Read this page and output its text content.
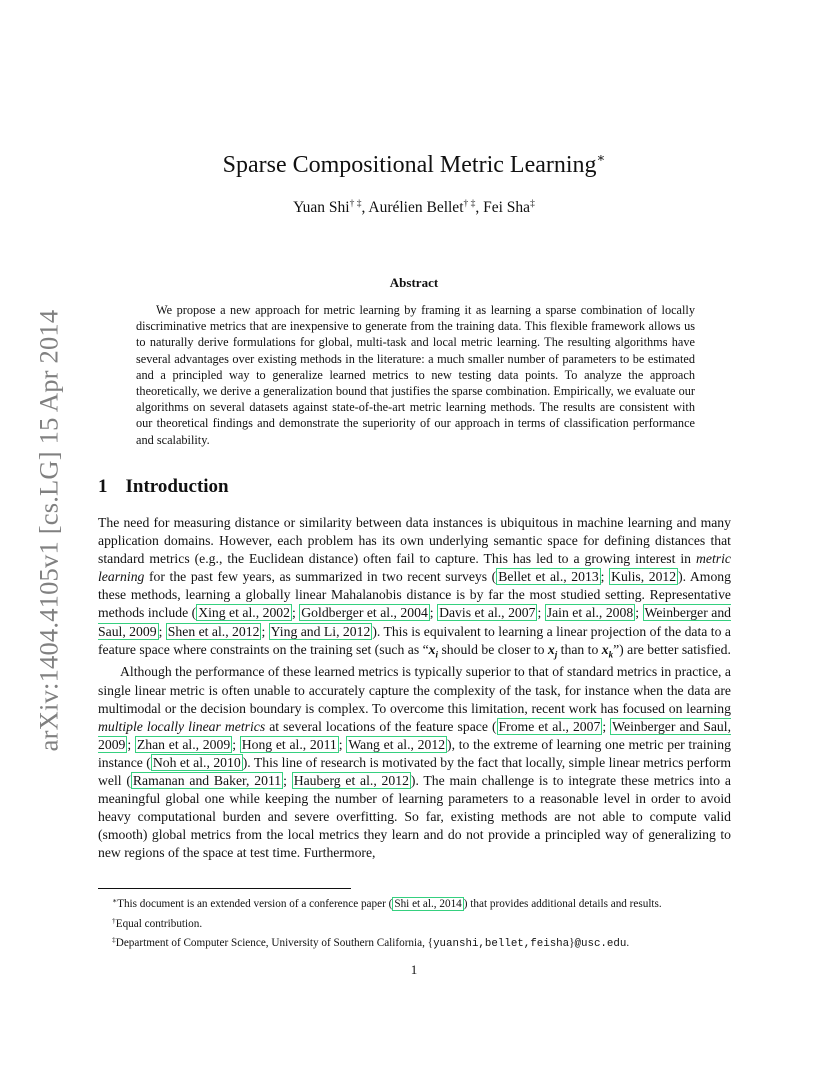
arXiv:1404.4105v1 [cs.LG] 15 Apr 2014
Sparse Compositional Metric Learning∗
Yuan Shi† ‡, Aurélien Bellet† ‡, Fei Sha‡
Abstract

We propose a new approach for metric learning by framing it as learning a sparse combination of locally discriminative metrics that are inexpensive to generate from the training data. This flexible framework allows us to naturally derive formulations for global, multi-task and local metric learning. The resulting algorithms have several advantages over existing methods in the literature: a much smaller number of parameters to be estimated and a principled way to generalize learned metrics to new testing data points. To analyze the approach theoretically, we derive a generalization bound that justifies the sparse combination. Empirically, we evaluate our algorithms on several datasets against state-of-the-art metric learning methods. The results are consistent with our theoretical findings and demonstrate the superiority of our approach in terms of classification performance and scalability.

1 Introduction

The need for measuring distance or similarity between data instances is ubiquitous in machine learning and many application domains. However, each problem has its own underlying semantic space for defining distances that standard metrics (e.g., the Euclidean distance) often fail to capture. This has led to a growing interest in metric learning for the past few years, as summarized in two recent surveys ( Bellet et al., 2013 ; Kulis, 2012 ). Among these methods, learning a globally linear Mahalanobis distance is by far the most studied setting. Representative methods include ( Xing et al., 2002 ; Goldberger et al., 2004 ; Davis et al., 2007 ; Jain et al., 2008 ; Weinberger and Saul, 2009 ; Shen et al., 2012 ; Ying and Li, 2012 ). This is equivalent to learning a linear projection of the data to a feature space where constraints on the training set (such as “$x_i$ should be closer to $x_j$ than to $x_k$”) are better satisfied.

Although the performance of these learned metrics is typically superior to that of standard metrics in practice, a single linear metric is often unable to accurately capture the complexity of the task, for instance when the data are multimodal or the decision boundary is complex. To overcome this limitation, recent work has focused on learning multiple locally linear metrics at several locations of the feature space ( Frome et al., 2007 ; Weinberger and Saul, 2009 ; Zhan et al., 2009 ; Hong et al., 2011 ; Wang et al., 2012 ), to the extreme of learning one metric per training instance ( Noh et al., 2010 ). This line of research is motivated by the fact that locally, simple linear metrics perform well ( Ramanan and Baker, 2011 ; Hauberg et al., 2012 ). The main challenge is to integrate these metrics into a meaningful global one while keeping the number of learning parameters to a reasonable level in order to avoid heavy computational burden and severe overfitting. So far, existing methods are not able to compute valid (smooth) global metrics from the local metrics they learn and do not provide a principled way of generalizing to new regions of the space at test time. Furthermore,

∗This document is an extended version of a conference paper ( Shi et al., 2014 ) that provides additional details and results.

†Equal contribution.

‡Department of Computer Science, University of Southern California, {yuanshi,bellet,feisha}@usc.edu.

1
